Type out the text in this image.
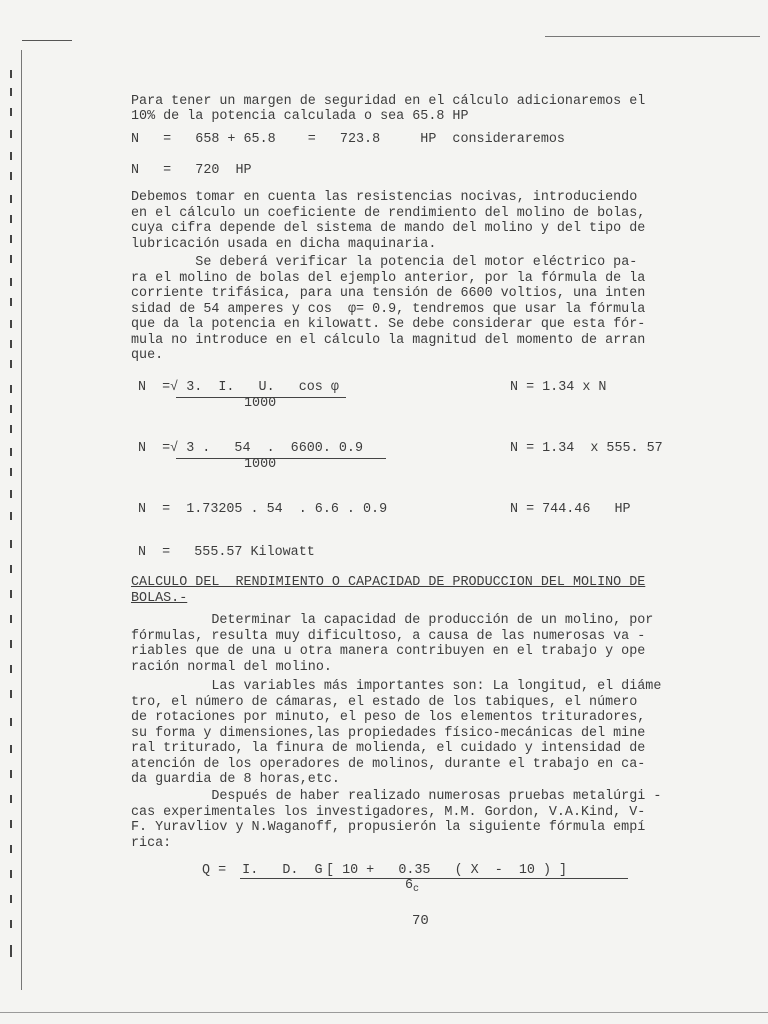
Para tener un margen de seguridad en el cálculo adicionaremos el

10% de la potencia calculada o sea 65.8 HP

N   =   658 + 65.8    =   723.8     HP  consideraremos

N   =   720  HP

Debemos tomar en cuenta las resistencias nocivas, introduciendo
en el cálculo un coeficiente de rendimiento del molino de bolas,
cuya cifra depende del sistema de mando del molino y del tipo de
lubricación usada en dicha maquinaria.

Se deberá verificar la potencia del motor eléctrico pa-
ra el molino de bolas del ejemplo anterior, por la fórmula de la
corriente trifásica, para una tensión de 6600 voltios, una inten
sidad de 54 amperes y cos  φ= 0.9, tendremos que usar la fórmula
que da la potencia en kilowatt. Se debe considerar que esta fór-
mula no introduce en el cálculo la magnitud del momento de arran
que.

N  =√ 3.  I.   U.   cos φ
1000
N = 1.34 x N
N  =√ 3 .   54  .  6600. 0.9
1000
N = 1.34  x 555. 57
N  =  1.73205 . 54  . 6.6 . 0.9	N = 744.46   HP
N  =   555.57 Kilowatt

CALCULO DEL  RENDIMIENTO O CAPACIDAD DE PRODUCCION DEL MOLINO DE
BOLAS.-

Determinar la capacidad de producción de un molino, por
fórmulas, resulta muy dificultoso, a causa de las numerosas va -
riables que de una u otra manera contribuyen en el trabajo y ope
ración normal del molino.

Las variables más importantes son: La longitud, el diáme
tro, el número de cámaras, el estado de los tabiques, el número
de rotaciones por minuto, el peso de los elementos trituradores,
su forma y dimensiones,las propiedades físico-mecánicas del mine
ral triturado, la finura de molienda, el cuidado y intensidad de
atención de los operadores de molinos, durante el trabajo en ca-
da guardia de 8 horas,etc.

Después de haber realizado numerosas pruebas metalúrgi -
cas experimentales los investigadores, M.M. Gordon, V.A.Kind, V-
F. Yuravliov y N.Waganoff, propusierón la siguiente fórmula empí
rica:

Q =  I.   D.  G [ 10 +   0.35   ( X  -  10 ) ]
$6_c$
70
